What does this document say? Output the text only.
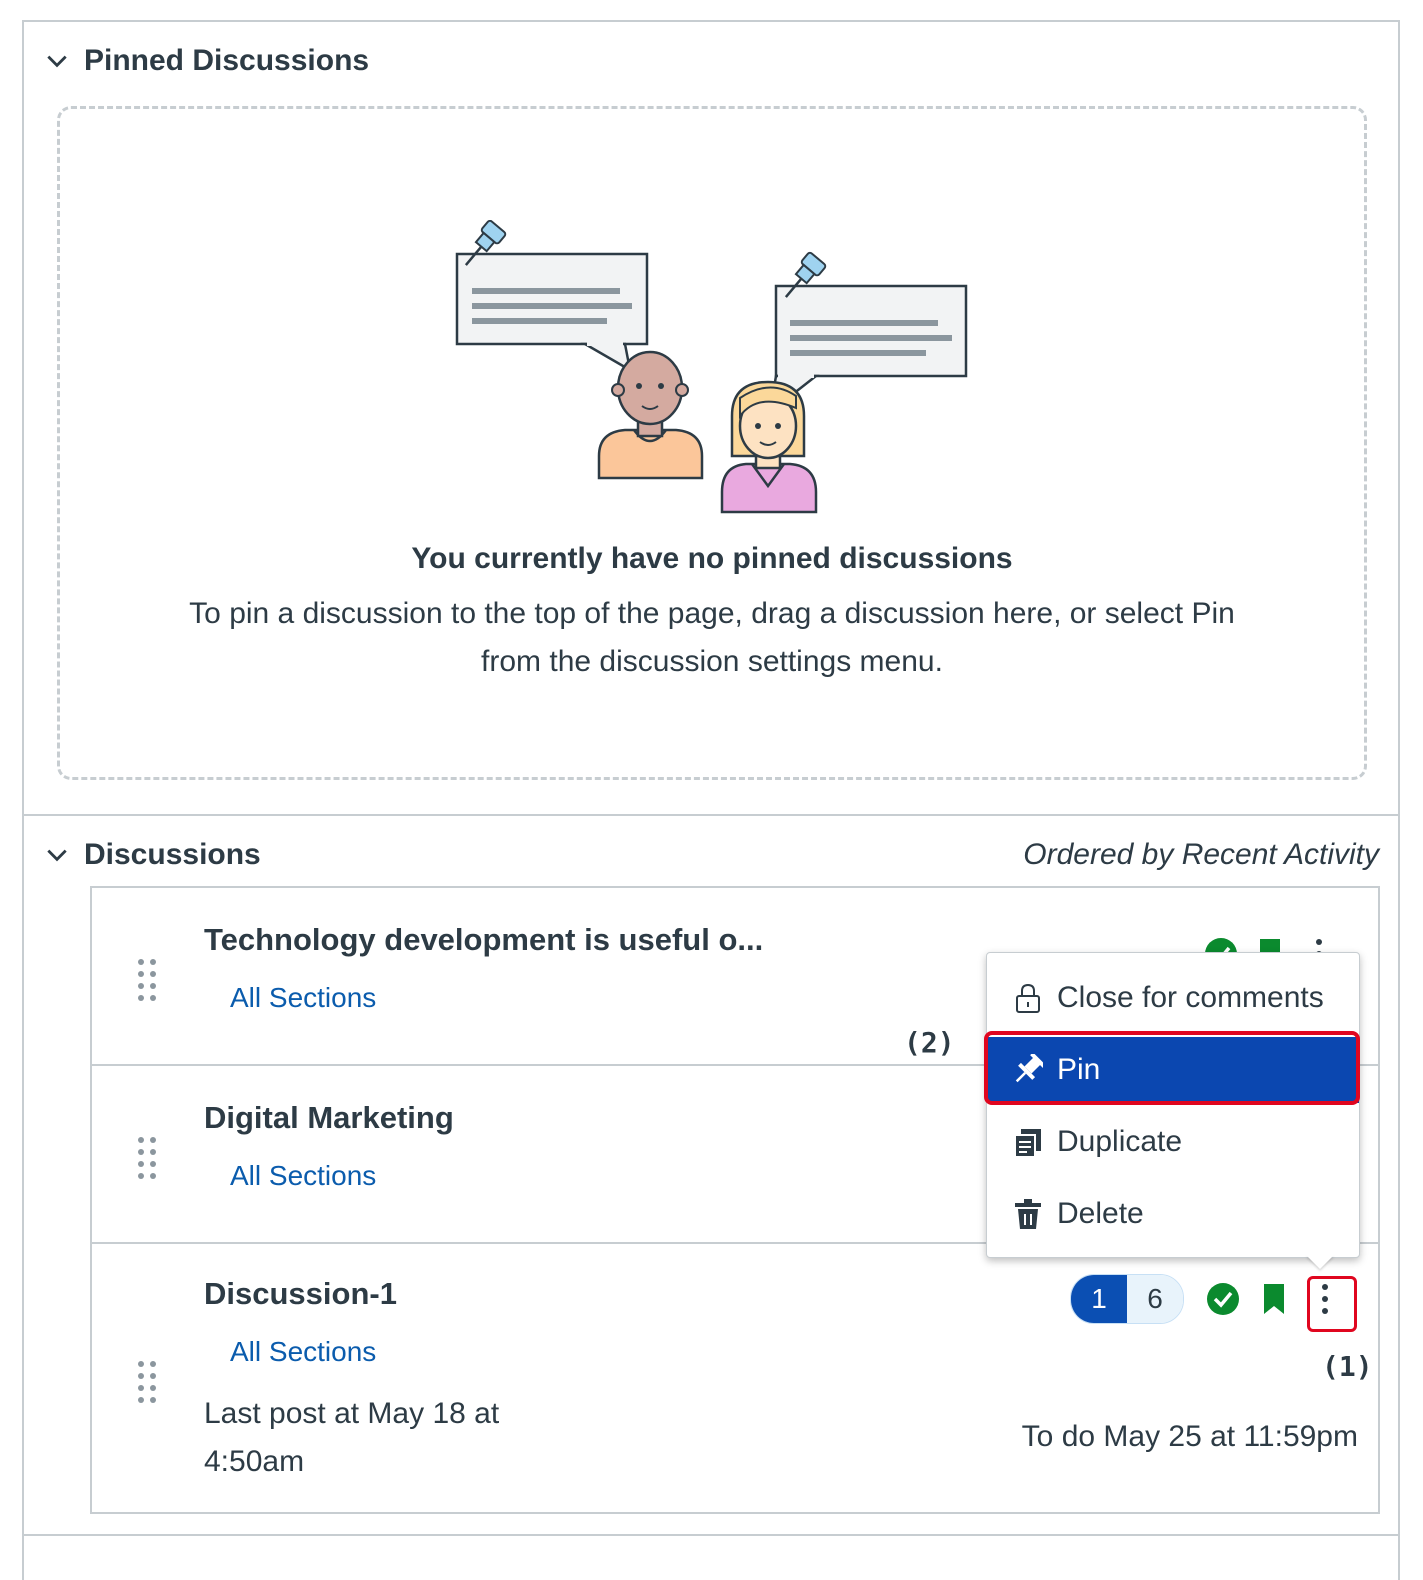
Pinned Discussions
You currently have no pinned discussions
To pin a discussion to the top of the page, drag a discussion here, or select Pin
from the discussion settings menu.
Discussions	Ordered by Recent Activity
Technology development is useful o...
All Sections
Digital Marketing
All Sections
Discussion-1
All Sections
Last post at May 18 at
4:50am
To do May 25 at 11:59pm
1	6
Close for comments
Pin
Duplicate
Delete
(2)
(1)
